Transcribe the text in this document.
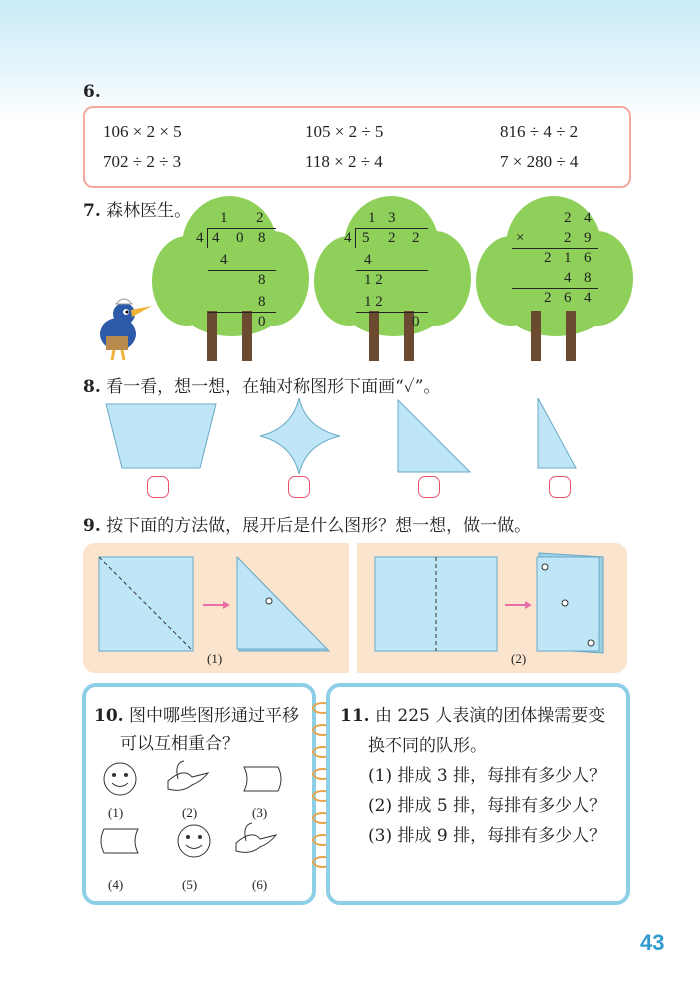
6.
106 × 2 × 5	105 × 2 ÷ 5	816 ÷ 4 ÷ 2
702 ÷ 2 ÷ 3	118 × 2 ÷ 4	7 × 280 ÷ 4
7. 森林医生。 1 2
4 4 0 8
4
8
8
0
1 3
4 5 2 2
4
1 2
1 2
0
2 4
×	2 9
2 1 6
4 8
2 6 4
8. 看一看，想一想，在轴对称图形下面画“✓”。
9. 按下面的方法做，展开后是什么图形？想一想，做一做。
(1)	(2)
10. 图中哪些图形通过平移
可以互相重合？
(1)	(2)	(3)
(4)	(5)	(6)
11. 由 225 人表演的团体操需要变
换不同的队形。
(1) 排成 3 排，每排有多少人？
(2) 排成 5 排，每排有多少人？
(3) 排成 9 排，每排有多少人？
43
